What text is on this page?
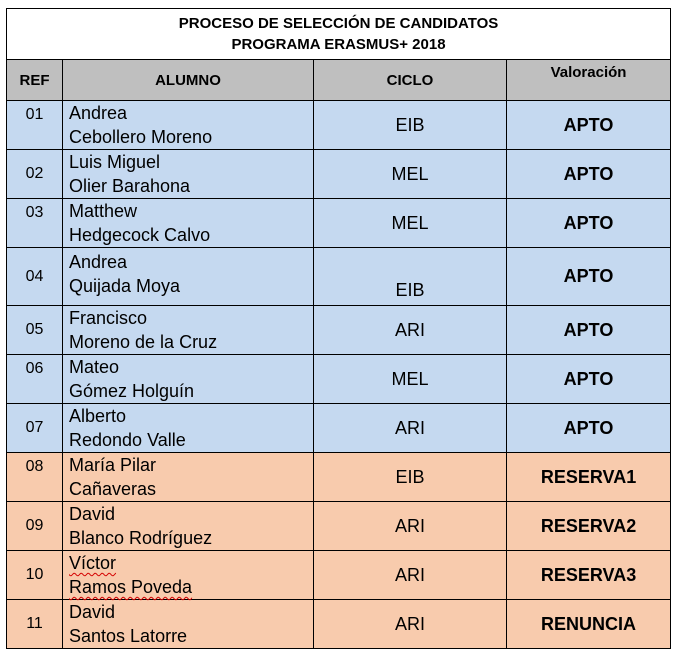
PROCESO DE SELECCIÓN DE CANDIDATOS
PROGRAMA ERASMUS+ 2018			

REF	ALUMNO	CICLO	Valoración
01	Andrea
Cebollero Moreno	EIB	APTO
02	Luis Miguel
Olier Barahona	MEL	APTO
03	Matthew
Hedgecock Calvo	MEL	APTO
04	Andrea
Quijada Moya	EIB	APTO
05	Francisco
Moreno de la Cruz	ARI	APTO
06	Mateo
Gómez Holguín	MEL	APTO
07	Alberto
Redondo Valle	ARI	APTO
08	María Pilar
Cañaveras	EIB	RESERVA1
09	David
Blanco Rodríguez	ARI	RESERVA2
10	Víctor
Ramos Poveda	ARI	RESERVA3
11	David
Santos Latorre	ARI	RENUNCIA
